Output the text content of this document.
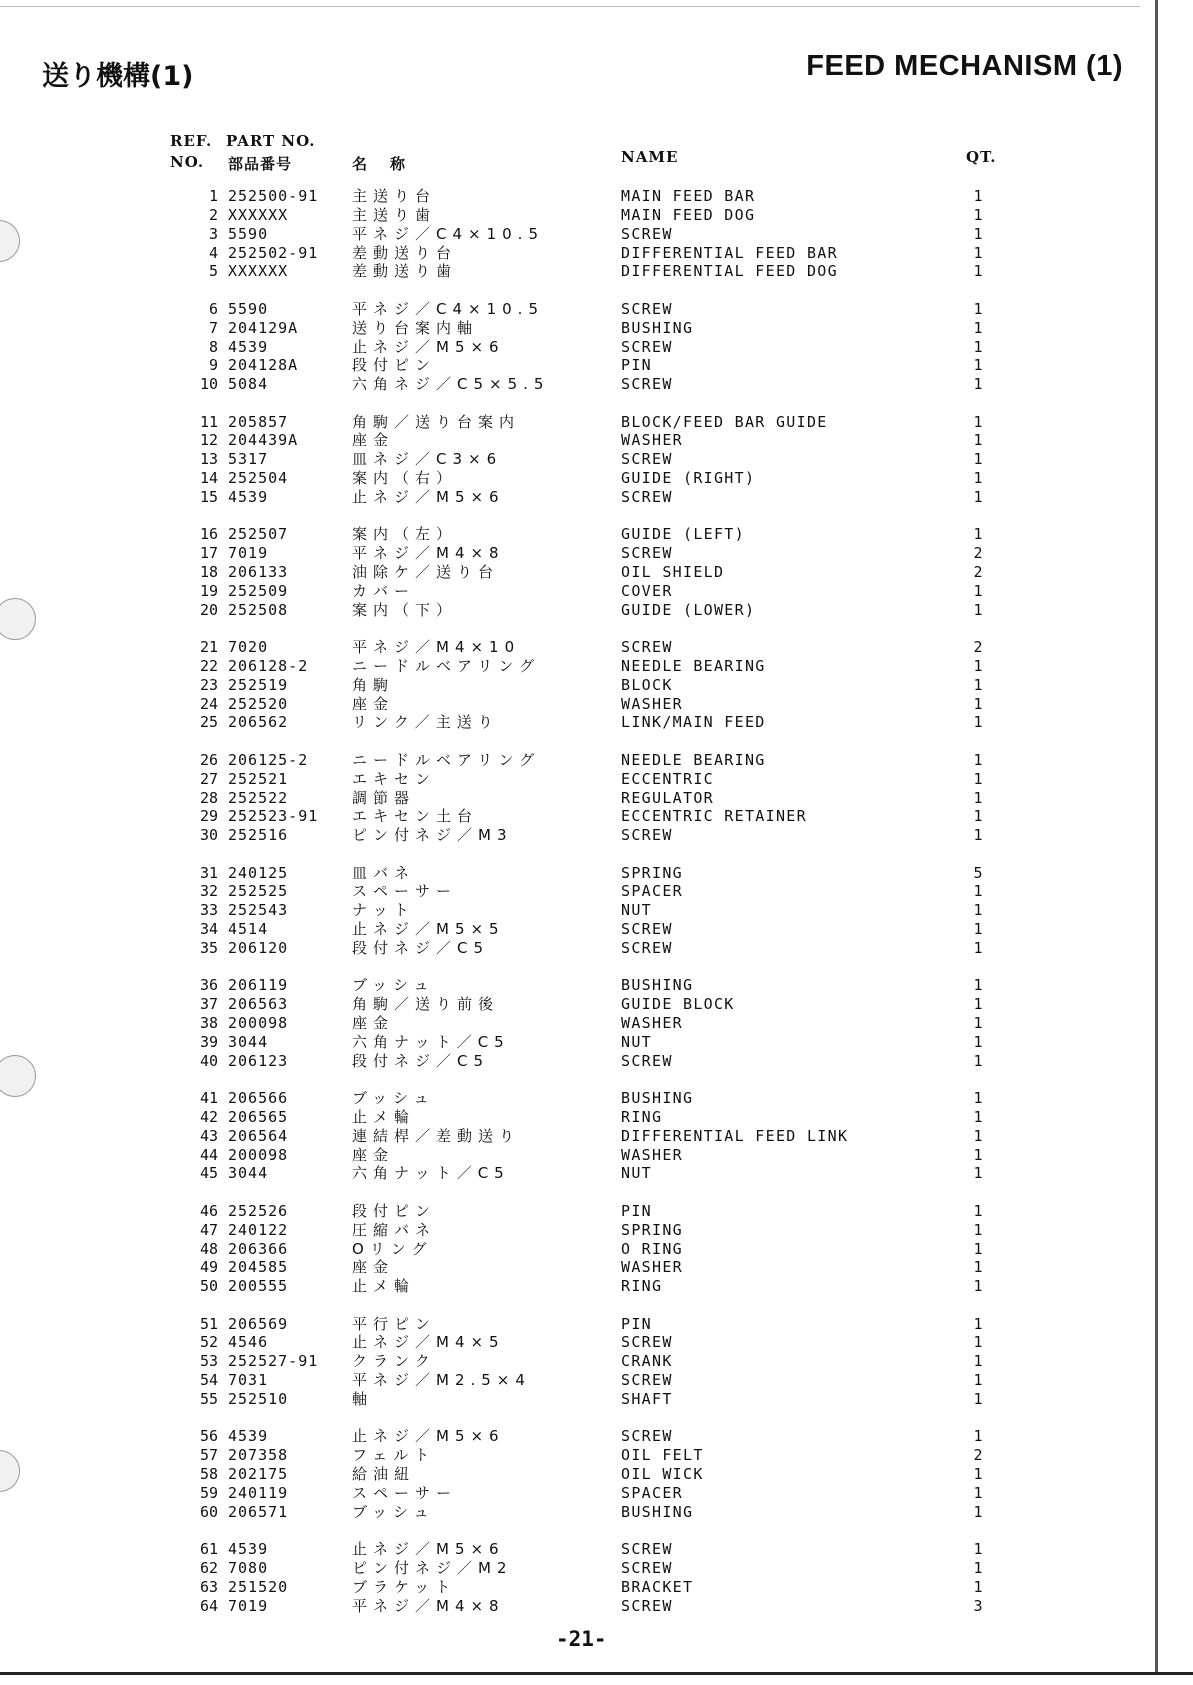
送り機構(1)	FEED MECHANISM (1)
REF.
NO.
PART NO.
部品番号	名　称	NAME	QT.
1 252500-91 主送り台	MAIN FEED BAR	1
2 XXXXXX	主送り歯	MAIN FEED DOG	1
3 5590	平ネジ／C4×10.5	SCREW	1
4 252502-91 差動送り台	DIFFERENTIAL FEED BAR	1
5 XXXXXX	差動送り歯	DIFFERENTIAL FEED DOG	1
6 5590	平ネジ／C4×10.5	SCREW	1
7 204129A	送り台案内軸	BUSHING	1
8 4539	止ネジ／M5×6	SCREW	1
9 204128A	段付ピン	PIN	1
10 5084	六角ネジ／C5×5.5	SCREW	1
11 205857	角駒／送り台案内	BLOCK/FEED BAR GUIDE	1
12 204439A	座金	WASHER	1
13 5317	皿ネジ／C3×6	SCREW	1
14 252504	案内（右）	GUIDE (RIGHT)	1
15 4539	止ネジ／M5×6	SCREW	1
16 252507	案内（左）	GUIDE (LEFT)	1
17 7019	平ネジ／M4×8	SCREW	2
18 206133	油除ケ／送り台	OIL SHIELD	2
19 252509	カバー	COVER	1
20 252508	案内（下）	GUIDE (LOWER)	1
21 7020	平ネジ／M4×10	SCREW	2
22 206128-2	ニードルベアリング	NEEDLE BEARING	1
23 252519	角駒	BLOCK	1
24 252520	座金	WASHER	1
25 206562	リンク／主送り	LINK/MAIN FEED	1
26 206125-2	ニードルベアリング	NEEDLE BEARING	1
27 252521	エキセン	ECCENTRIC	1
28 252522	調節器	REGULATOR	1
29 252523-91 エキセン土台	ECCENTRIC RETAINER	1
30 252516	ピン付ネジ／M3	SCREW	1
31 240125	皿バネ	SPRING	5
32 252525	スペーサー	SPACER	1
33 252543	ナット	NUT	1
34 4514	止ネジ／M5×5	SCREW	1
35 206120	段付ネジ／C5	SCREW	1
36 206119	ブッシュ	BUSHING	1
37 206563	角駒／送り前後	GUIDE BLOCK	1
38 200098	座金	WASHER	1
39 3044	六角ナット／C5	NUT	1
40 206123	段付ネジ／C5	SCREW	1
41 206566	ブッシュ	BUSHING	1
42 206565	止メ輪	RING	1
43 206564	連結桿／差動送り	DIFFERENTIAL FEED LINK	1
44 200098	座金	WASHER	1
45 3044	六角ナット／C5	NUT	1
46 252526	段付ピン	PIN	1
47 240122	圧縮バネ	SPRING	1
48 206366	Oリング	O RING	1
49 204585	座金	WASHER	1
50 200555	止メ輪	RING	1
51 206569	平行ピン	PIN	1
52 4546	止ネジ／M4×5	SCREW	1
53 252527-91 クランク	CRANK	1
54 7031	平ネジ／M2.5×4	SCREW	1
55 252510	軸	SHAFT	1
56 4539	止ネジ／M5×6	SCREW	1
57 207358	フェルト	OIL FELT	2
58 202175	給油紐	OIL WICK	1
59 240119	スペーサー	SPACER	1
60 206571	ブッシュ	BUSHING	1
61 4539	止ネジ／M5×6	SCREW	1
62 7080	ピン付ネジ／M2	SCREW	1
63 251520	ブラケット	BRACKET	1
64 7019	平ネジ／M4×8	SCREW	3
-21-
